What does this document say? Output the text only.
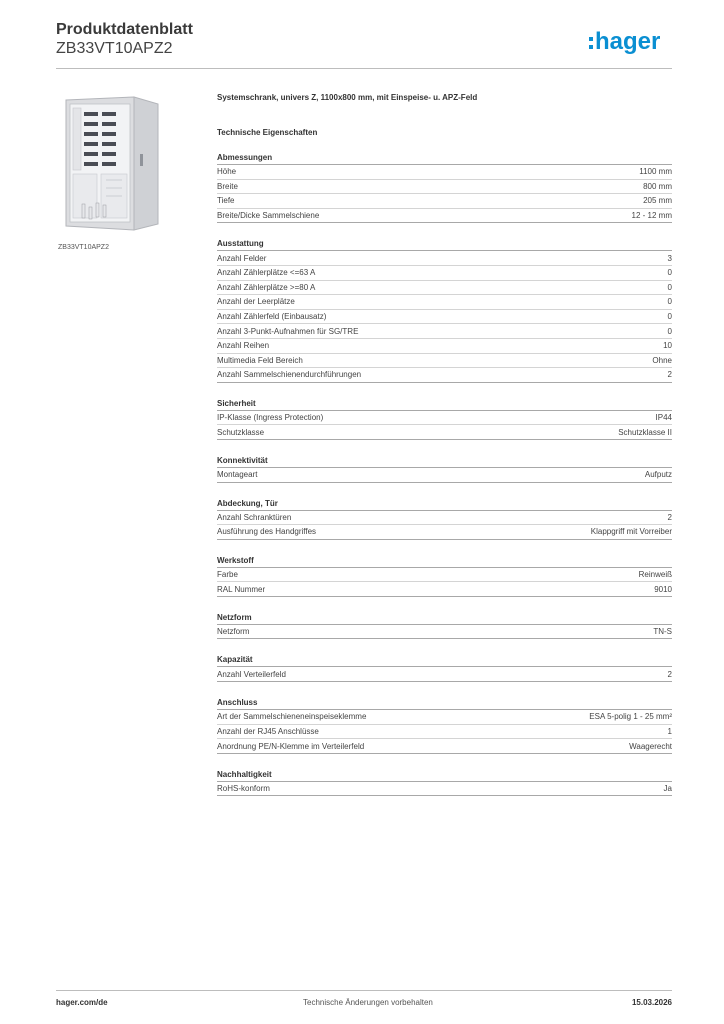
Produktdatenblatt
ZB33VT10APZ2	hager
ZB33VT10APZ2
Systemschrank, univers Z, 1100x800 mm, mit Einspeise- u. APZ-Feld
Technische Eigenschaften
Abmessungen
Höhe	1100 mm
Breite	800 mm
Tiefe	205 mm
Breite/Dicke Sammelschiene	12 - 12 mm
Ausstattung
Anzahl Felder	3
Anzahl Zählerplätze <=63 A	0
Anzahl Zählerplätze >=80 A	0
Anzahl der Leerplätze	0
Anzahl Zählerfeld (Einbausatz)	0
Anzahl 3-Punkt-Aufnahmen für SG/TRE	0
Anzahl Reihen	10
Multimedia Feld Bereich	Ohne
Anzahl Sammelschienendurchführungen	2
Sicherheit
IP-Klasse (Ingress Protection)	IP44
Schutzklasse	Schutzklasse II
Konnektivität
Montageart	Aufputz
Abdeckung, Tür
Anzahl Schranktüren	2
Ausführung des Handgriffes	Klappgriff mit Vorreiber
Werkstoff
Farbe	Reinweiß
RAL Nummer	9010
Netzform
Netzform	TN-S
Kapazität
Anzahl Verteilerfeld	2
Anschluss
Art der Sammelschieneneinspeiseklemme	ESA 5-polig 1 - 25 mm²
Anzahl der RJ45 Anschlüsse	1
Anordnung PE/N-Klemme im Verteilerfeld	Waagerecht
Nachhaltigkeit
RoHS-konform	Ja
hager.com/de	Technische Änderungen vorbehalten	15.03.2026
